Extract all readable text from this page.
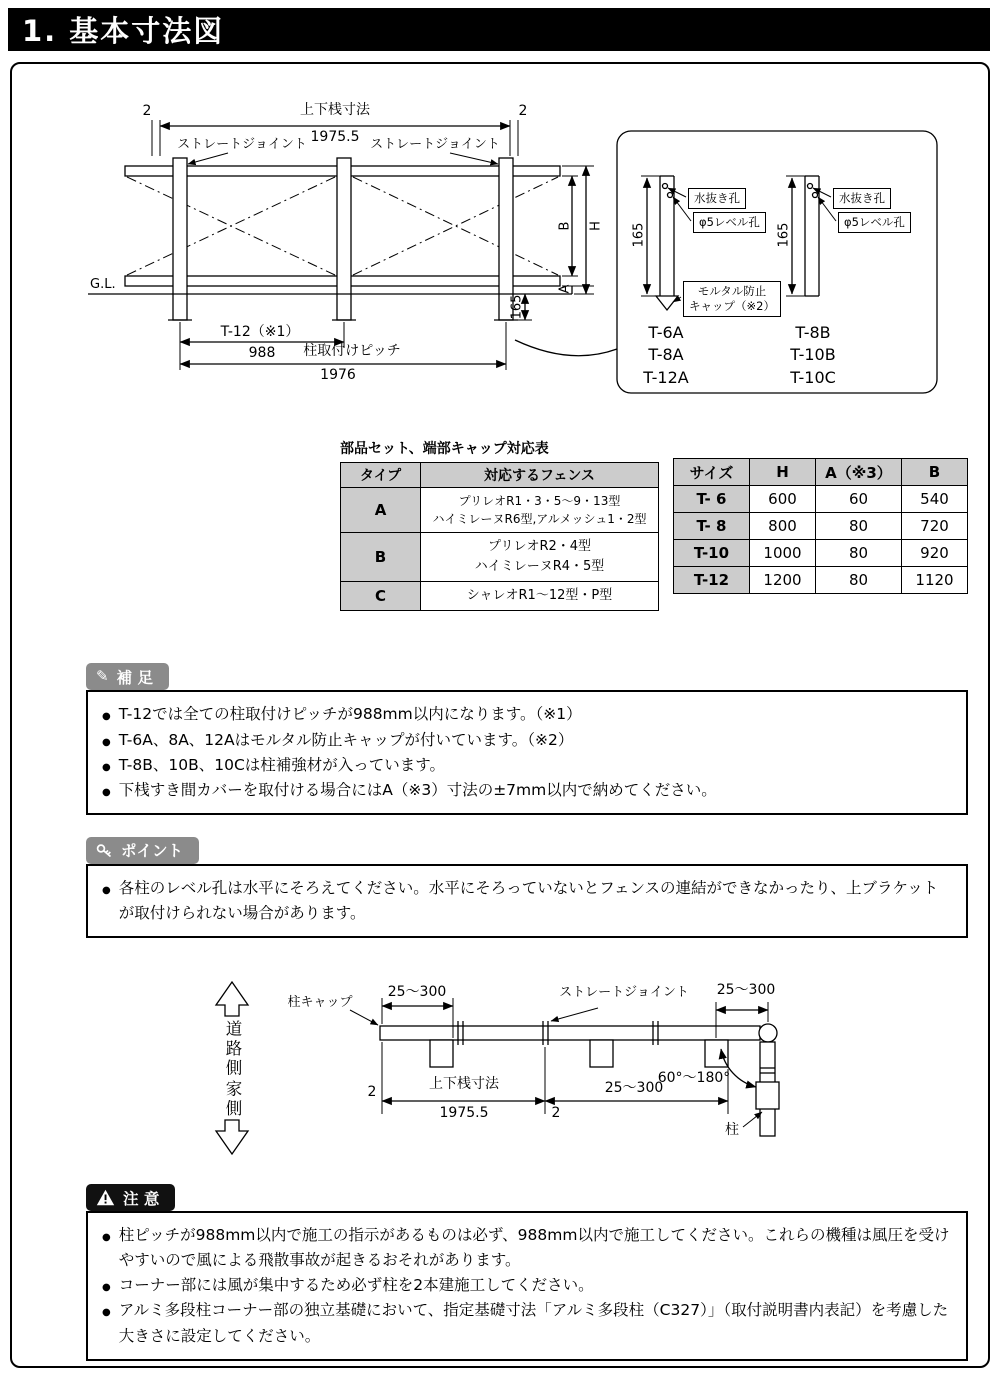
1. 基本寸法図
2	上下桟寸法	2
1975.5
ストレートジョイント	ストレートジョイント
G.L.
165
T-12（※1）
988 柱取付けピッチ
1976
B H
A
水抜き孔
φ5レベル孔
165
モルタル防止
キャップ（※2）
T-6A
T-8A
T-12A
水抜き孔
φ5レベル孔
165
T-8B
T-10B
T-10C
部品セット、端部キャップ対応表
タイプ	対応するフェンス
A	プリレオR1・3・5〜9・13型
ハイミレーヌR6型,アルメッシュ1・2型

B	プリレオR2・4型
ハイミレーヌR4・5型

C	シャレオR1〜12型・P型
サイズ	H	A（※3）	B
T- 6	600	60	540
T- 8	800	80	720
T-10	1000	80	920
T-12	1200	80	1120
✎ 補 足
● T-12では全ての柱取付けピッチが988mm以内になります。（※1）
● T-6A、8A、12Aはモルタル防止キャップが付いています。（※2）
● T-8B、10B、10Cは柱補強材が入っています。
● 下桟すき間カバーを取付ける場合にはA（※3）寸法の±7mm以内で納めてください。
ポイント
● 各柱のレベル孔は水平にそろえてください。水平にそろっていないとフェンスの連結ができなかったり、上ブラケットが取付けられない場合があります。
道路側
家側
柱キャップ
25〜300	ストレートジョイント 25〜300
2	上下桟寸法
1975.5	2
25〜300
60°〜180°
柱
注 意
● 柱ピッチが988mm以内で施工の指示があるものは必ず、988mm以内で施工してください。これらの機種は風圧を受けやすいので風による飛散事故が起きるおそれがあります。
● コーナー部には風が集中するため必ず柱を2本建施工してください。
● アルミ多段柱コーナー部の独立基礎において、指定基礎寸法「アルミ多段柱（C327）」（取付説明書内表記）を考慮した大きさに設定してください。
